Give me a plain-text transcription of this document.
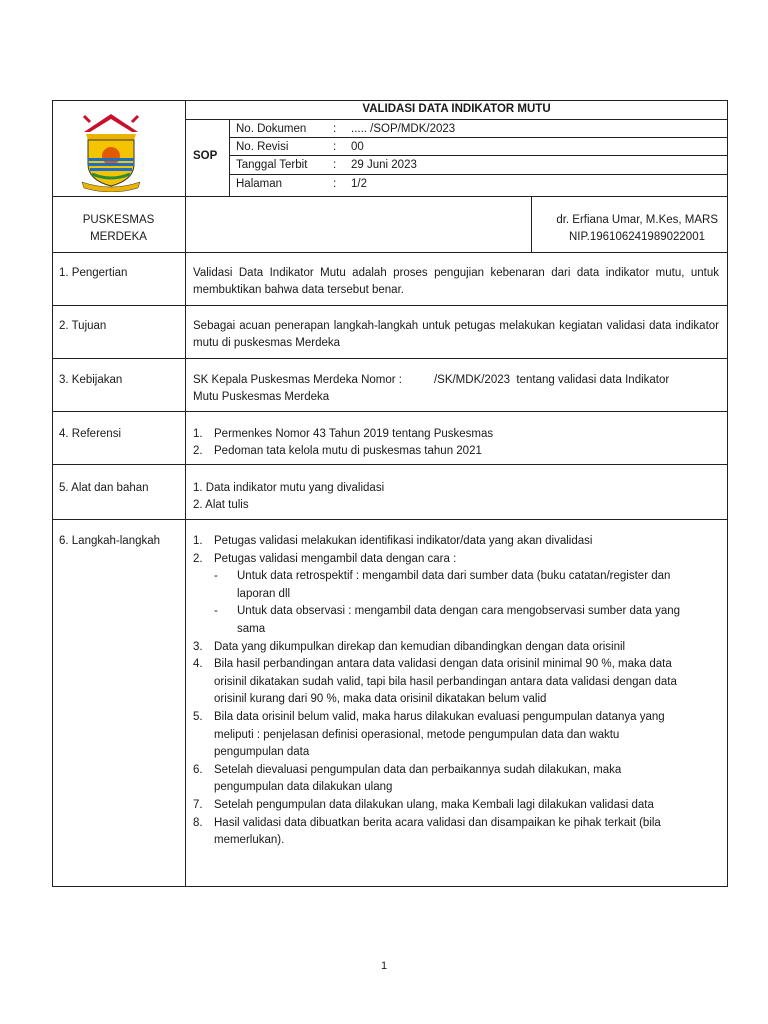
VALIDASI DATA INDIKATOR MUTU
SOP
No. Dokumen : ..... /SOP/MDK/2023
No. Revisi	: 00
Tanggal Terbit : 29 Juni 2023
Halaman	: 1/2
PUSKESMAS
MERDEKA
dr. Erfiana Umar, M.Kes, MARS
NIP.196106241989022001
1. Pengertian	Validasi Data Indikator Mutu adalah proses pengujian kebenaran dari data indikator mutu, untuk membuktikan bahwa data tersebut benar.
2. Tujuan	Sebagai acuan penerapan langkah-langkah untuk petugas melakukan kegiatan validasi data indikator mutu di puskesmas Merdeka
3. Kebijakan	SK Kepala Puskesmas Merdeka Nomor :          /SK/MDK/2023  tentang validasi data Indikator
Mutu Puskesmas Merdeka
4. Referensi	1. Permenkes Nomor 43 Tahun 2019 tentang Puskesmas
2. Pedoman tata kelola mutu di puskesmas tahun 2021
5. Alat dan bahan	1. Data indikator mutu yang divalidasi
2. Alat tulis
6. Langkah-langkah	1. Petugas validasi melakukan identifikasi indikator/data yang akan divalidasi
2. Petugas validasi mengambil data dengan cara :
- Untuk data retrospektif : mengambil data dari sumber data (buku catatan/register dan
laporan dll
- Untuk data observasi : mengambil data dengan cara mengobservasi sumber data yang
sama
3. Data yang dikumpulkan direkap dan kemudian dibandingkan dengan data orisinil
4. Bila hasil perbandingan antara data validasi dengan data orisinil minimal 90 %, maka data
orisinil dikatakan sudah valid, tapi bila hasil perbandingan antara data validasi dengan data
orisinil kurang dari 90 %, maka data orisinil dikatakan belum valid
5. Bila data orisinil belum valid, maka harus dilakukan evaluasi pengumpulan datanya yang
meliputi : penjelasan definisi operasional, metode pengumpulan data dan waktu
pengumpulan data
6. Setelah dievaluasi pengumpulan data dan perbaikannya sudah dilakukan, maka
pengumpulan data dilakukan ulang
7. Setelah pengumpulan data dilakukan ulang, maka Kembali lagi dilakukan validasi data
8. Hasil validasi data dibuatkan berita acara validasi dan disampaikan ke pihak terkait (bila
memerlukan).
1
